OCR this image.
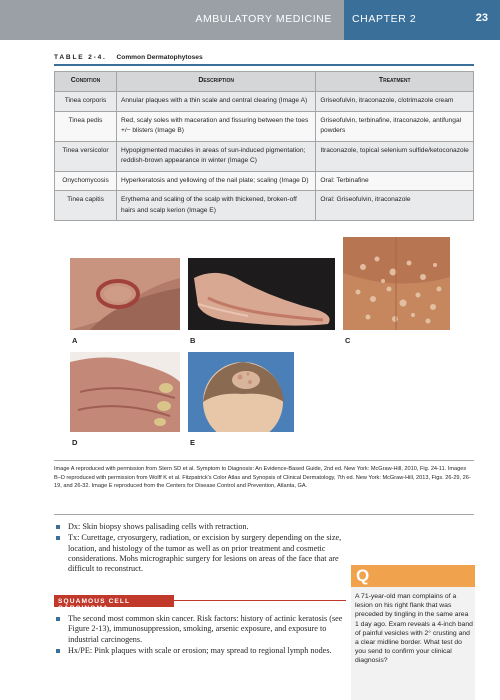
AMBULATORY MEDICINE CHAPTER 2	23
TABLE 2-4. Common Dermatophytoses
Condition	Description	Treatment
Tinea corporis	Annular plaques with a thin scale and central clearing (Image A)	Griseofulvin, itraconazole, clotrimazole cream
Tinea pedis	Red, scaly soles with maceration and fissuring between the toes +/− blisters (Image B)	Griseofulvin, terbinafine, itraconazole, antifungal powders
Tinea versicolor	Hypopigmented macules in areas of sun-induced pigmentation; reddish-brown appearance in winter (Image C)	Itraconazole, topical selenium sulfide/ketoconazole
Onychomycosis	Hyperkeratosis and yellowing of the nail plate; scaling (Image D)	Oral: Terbinafine
Tinea capitis	Erythema and scaling of the scalp with thickened, broken-off hairs and scalp kerion (Image E)	Oral: Griseofulvin, itraconazole
A	B	C
D	E

Image A reproduced with permission from Stern SD et al. Symptom to Diagnosis: An Evidence-Based Guide, 2nd ed. New York: McGraw-Hill, 2010, Fig. 24-11. Images B–D reproduced with permission from Wolff K et al. Fitzpatrick's Color Atlas and Synopsis of Clinical Dermatology, 7th ed. New York: McGraw-Hill, 2013, Figs. 26-29, 26-19, and 26-32. Image E reproduced from the Centers for Disease Control and Prevention, Atlanta, GA.

Dx: Skin biopsy shows palisading cells with retraction.
Tx: Curettage, cryosurgery, radiation, or excision by surgery depending on the size, location, and histology of the tumor as well as on prior treatment and cosmetic considerations. Mohs micrographic surgery for lesions on areas of the face that are difficult to reconstruct.
SQUAMOUS CELL CARCINOMA
The second most common skin cancer. Risk factors: history of actinic keratosis (see Figure 2-13), immunosuppression, smoking, arsenic exposure, and exposure to industrial carcinogens.
Hx/PE: Pink plaques with scale or erosion; may spread to regional lymph nodes.
Q

A 71-year-old man complains of a lesion on his right flank that was preceded by tingling in the same area 1 day ago. Exam reveals a 4-inch band of painful vesicles with 2° crusting and a clear midline border. What test do you send to confirm your clinical diagnosis?
